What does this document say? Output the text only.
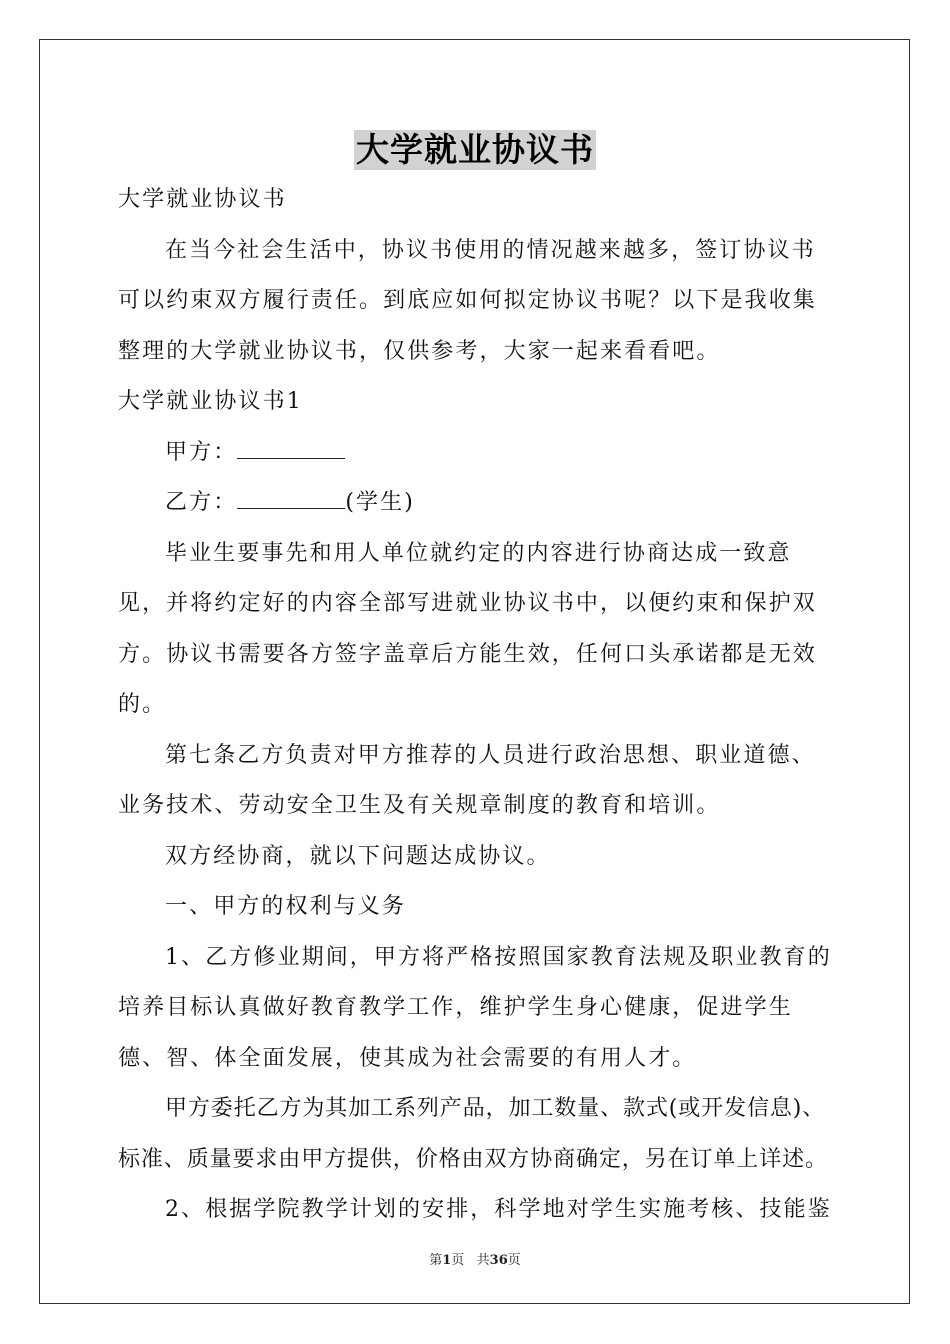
大学就业协议书

大学就业协议书

在当今社会生活中，协议书使用的情况越来越多，签订协议书可以约束双方履行责任。到底应如何拟定协议书呢？以下是我收集整理的大学就业协议书，仅供参考，大家一起来看看吧。

大学就业协议书1

甲方：

乙方：	(学生)

毕业生要事先和用人单位就约定的内容进行协商达成一致意见，并将约定好的内容全部写进就业协议书中，以便约束和保护双方。协议书需要各方签字盖章后方能生效，任何口头承诺都是无效的。

第七条乙方负责对甲方推荐的人员进行政治思想、职业道德、业务技术、劳动安全卫生及有关规章制度的教育和培训。

双方经协商，就以下问题达成协议。

一、甲方的权利与义务

1、乙方修业期间，甲方将严格按照国家教育法规及职业教育的培养目标认真做好教育教学工作，维护学生身心健康，促进学生德、智、体全面发展，使其成为社会需要的有用人才。

甲方委托乙方为其加工系列产品，加工数量、款式(或开发信息)、标准、质量要求由甲方提供，价格由双方协商确定，另在订单上详述。

2、根据学院教学计划的安排，科学地对学生实施考核、技能鉴

第1页   共36页
